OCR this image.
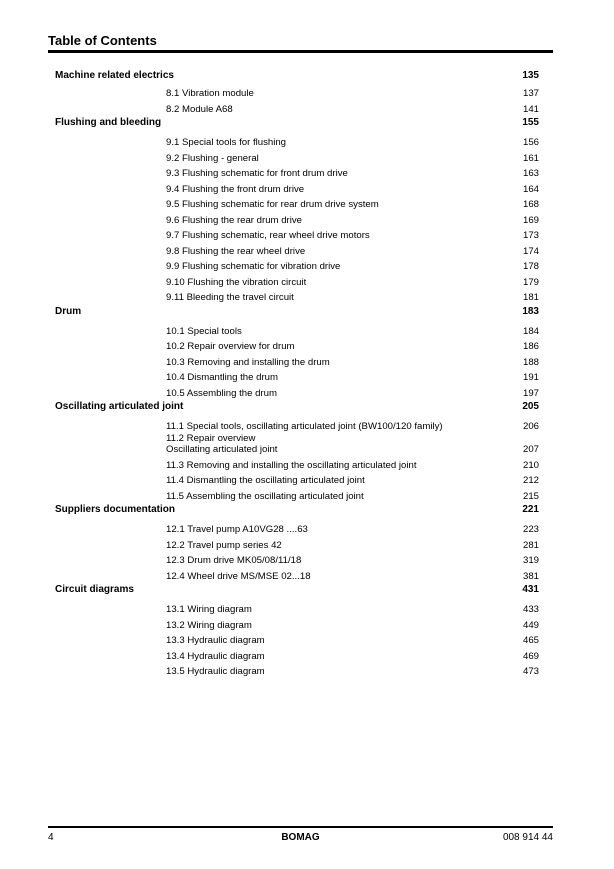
Table of Contents
Machine related electrics	135
8.1 Vibration module	137
8.2 Module A68	141
Flushing and bleeding	155
9.1 Special tools for flushing	156
9.2 Flushing - general	161
9.3 Flushing schematic for front drum drive	163
9.4 Flushing the front drum drive	164
9.5 Flushing schematic for rear drum drive system	168
9.6 Flushing the rear drum drive	169
9.7 Flushing schematic, rear wheel drive motors	173
9.8 Flushing the rear wheel drive	174
9.9 Flushing schematic for vibration drive	178
9.10 Flushing the vibration circuit	179
9.11 Bleeding the travel circuit	181
Drum	183
10.1 Special tools	184
10.2 Repair overview for drum	186
10.3 Removing and installing the drum	188
10.4 Dismantling the drum	191
10.5 Assembling the drum	197
Oscillating articulated joint	205
11.1 Special tools, oscillating articulated joint (BW100/120 family)	206
11.2 Repair overview
Oscillating articulated joint	207
11.3 Removing and installing the oscillating articulated joint	210
11.4 Dismantling the oscillating articulated joint	212
11.5 Assembling the oscillating articulated joint	215
Suppliers documentation	221
12.1 Travel pump A10VG28 ....63	223
12.2 Travel pump series 42	281
12.3 Drum drive MK05/08/11/18	319
12.4 Wheel drive MS/MSE 02...18	381
Circuit diagrams	431
13.1 Wiring diagram	433
13.2 Wiring diagram	449
13.3 Hydraulic diagram	465
13.4 Hydraulic diagram	469
13.5 Hydraulic diagram	473
4	BOMAG	008 914 44
